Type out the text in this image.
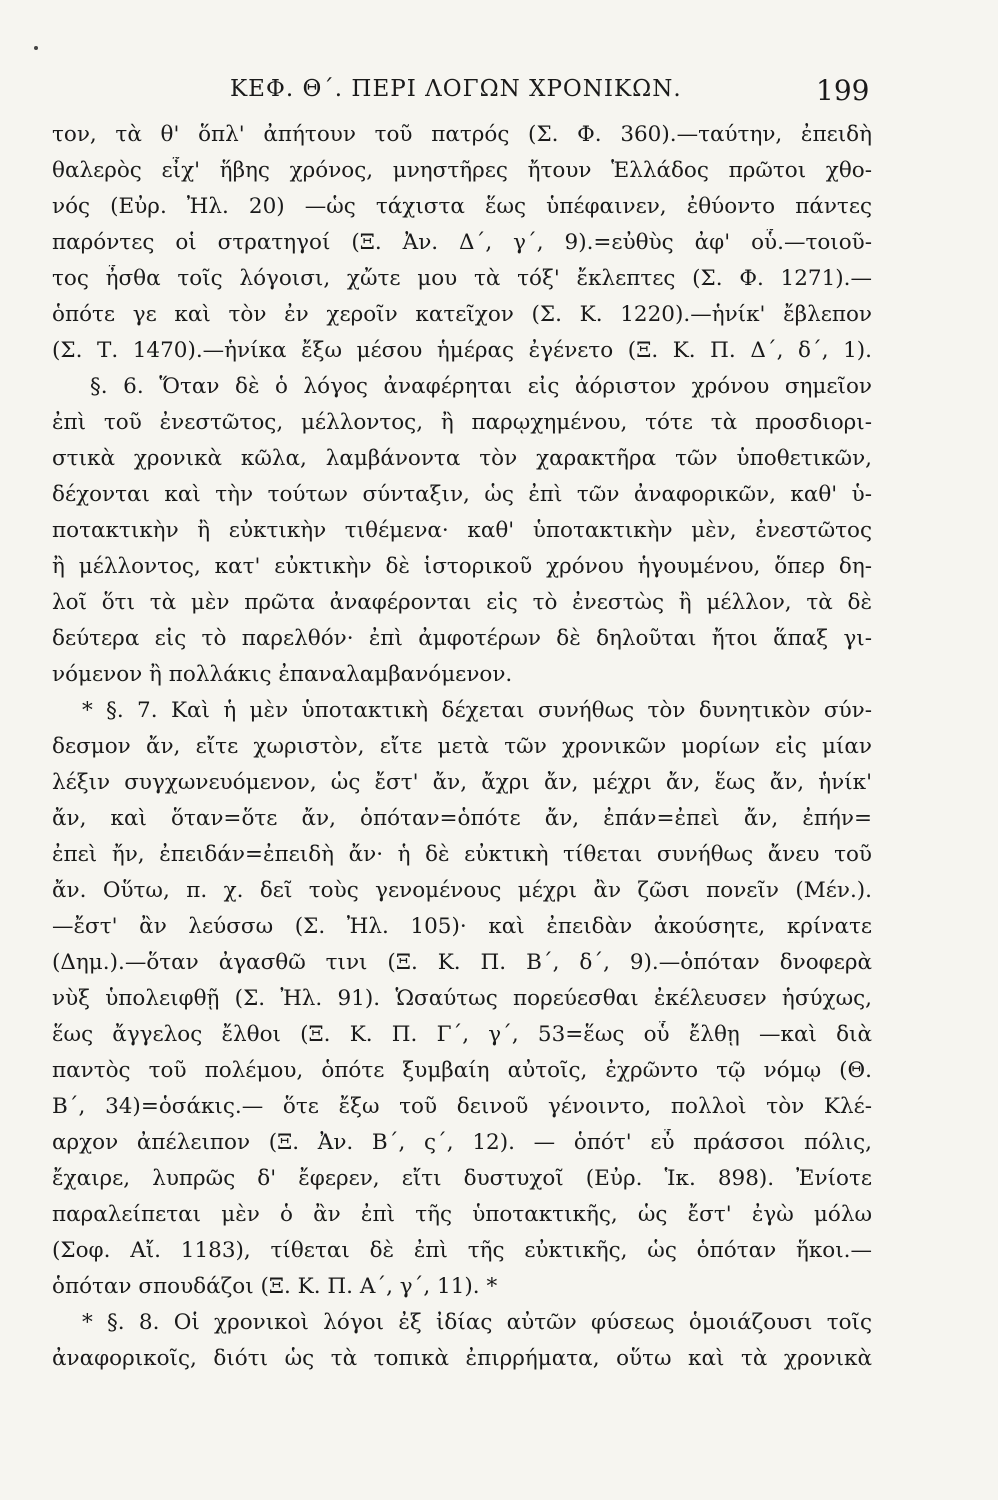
ΚΕΦ. Θ΄. ΠΕΡΙ ΛΟΓΩΝ ΧΡΟΝΙΚΩΝ.	199
τον, τὰ θ' ὅπλ' ἀπήτουν τοῦ πατρός (Σ. Φ. 360).—ταύτην, ἐπειδὴ
θαλερὸς εἶχ' ἥβης χρόνος, μνηστῆρες ἤτουν Ἑλλάδος πρῶτοι χθο-
νός (Εὐρ. Ἠλ. 20) —ὡς τάχιστα ἕως ὑπέφαινεν, ἐθύοντο πάντες
παρόντες οἱ στρατηγοί (Ξ. Ἀν. Δ΄, γ΄, 9).=εὐθὺς ἀφ' οὗ.—τοιοῦ-
τος ἦσθα τοῖς λόγοισι, χὤτε μου τὰ τόξ' ἔκλεπτες (Σ. Φ. 1271).—
ὁπότε γε καὶ τὸν ἐν χεροῖν κατεῖχον (Σ. Κ. 1220).—ἡνίκ' ἔβλεπον
(Σ. Τ. 1470).—ἡνίκα ἔξω μέσου ἡμέρας ἐγένετο (Ξ. Κ. Π. Δ΄, δ΄, 1).
§. 6. Ὅταν δὲ ὁ λόγος ἀναφέρηται εἰς ἀόριστον χρόνου σημεῖον
ἐπὶ τοῦ ἐνεστῶτος, μέλλοντος, ἢ παρῳχημένου, τότε τὰ προσδιορι-
στικὰ χρονικὰ κῶλα, λαμβάνοντα τὸν χαρακτῆρα τῶν ὑποθετικῶν,
δέχονται καὶ τὴν τούτων σύνταξιν, ὡς ἐπὶ τῶν ἀναφορικῶν, καθ' ὑ-
ποτακτικὴν ἢ εὐκτικὴν τιθέμενα· καθ' ὑποτακτικὴν μὲν, ἐνεστῶτος
ἢ μέλλοντος, κατ' εὐκτικὴν δὲ ἱστορικοῦ χρόνου ἡγουμένου, ὅπερ δη-
λοῖ ὅτι τὰ μὲν πρῶτα ἀναφέρονται εἰς τὸ ἐνεστὼς ἢ μέλλον, τὰ δὲ
δεύτερα εἰς τὸ παρελθόν· ἐπὶ ἀμφοτέρων δὲ δηλοῦται ἤτοι ἅπαξ γι-
νόμενον ἢ πολλάκις ἐπαναλαμβανόμενον.
* §. 7. Καὶ ἡ μὲν ὑποτακτικὴ δέχεται συνήθως τὸν δυνητικὸν σύν-
δεσμον ἄν, εἴτε χωριστὸν, εἴτε μετὰ τῶν χρονικῶν μορίων εἰς μίαν
λέξιν συγχωνευόμενον, ὡς ἔστ' ἄν, ἄχρι ἄν, μέχρι ἄν, ἕως ἄν, ἡνίκ'
ἄν, καὶ ὅταν=ὅτε ἄν, ὁπόταν=ὁπότε ἄν, ἐπάν=ἐπεὶ ἄν, ἐπήν=
ἐπεὶ ἤν, ἐπειδάν=ἐπειδὴ ἄν· ἡ δὲ εὐκτικὴ τίθεται συνήθως ἄνευ τοῦ
ἄν. Οὕτω, π. χ. δεῖ τοὺς γενομένους μέχρι ἂν ζῶσι πονεῖν (Μέν.).
—ἔστ' ἂν λεύσσω (Σ. Ἠλ. 105)· καὶ ἐπειδὰν ἀκούσητε, κρίνατε
(Δημ.).—ὅταν ἀγασθῶ τινι (Ξ. Κ. Π. Β΄, δ΄, 9).—ὁπόταν δνοφερὰ
νὺξ ὑπολειφθῇ (Σ. Ἠλ. 91). Ὡσαύτως πορεύεσθαι ἐκέλευσεν ἡσύχως,
ἕως ἄγγελος ἔλθοι (Ξ. Κ. Π. Γ΄, γ΄, 53=ἕως οὗ ἔλθῃ —καὶ διὰ
παντὸς τοῦ πολέμου, ὁπότε ξυμβαίη αὐτοῖς, ἐχρῶντο τῷ νόμῳ (Θ.
Β΄, 34)=ὁσάκις.— ὅτε ἔξω τοῦ δεινοῦ γένοιντο, πολλοὶ τὸν Κλέ-
αρχον ἀπέλειπον (Ξ. Ἀν. Β΄, ς΄, 12). — ὁπότ' εὖ πράσσοι πόλις,
ἔχαιρε, λυπρῶς δ' ἔφερεν, εἴτι δυστυχοῖ (Εὐρ. Ἱκ. 898). Ἐνίοτε
παραλείπεται μὲν ὁ ἂν ἐπὶ τῆς ὑποτακτικῆς, ὡς ἔστ' ἐγὼ μόλω
(Σοφ. Αἴ. 1183), τίθεται δὲ ἐπὶ τῆς εὐκτικῆς, ὡς ὁπόταν ἥκοι.—
ὁπόταν σπουδάζοι (Ξ. Κ. Π. Α΄, γ΄, 11). *
* §. 8. Οἱ χρονικοὶ λόγοι ἐξ ἰδίας αὐτῶν φύσεως ὁμοιάζουσι τοῖς
ἀναφορικοῖς, διότι ὡς τὰ τοπικὰ ἐπιρρήματα, οὕτω καὶ τὰ χρονικὰ
